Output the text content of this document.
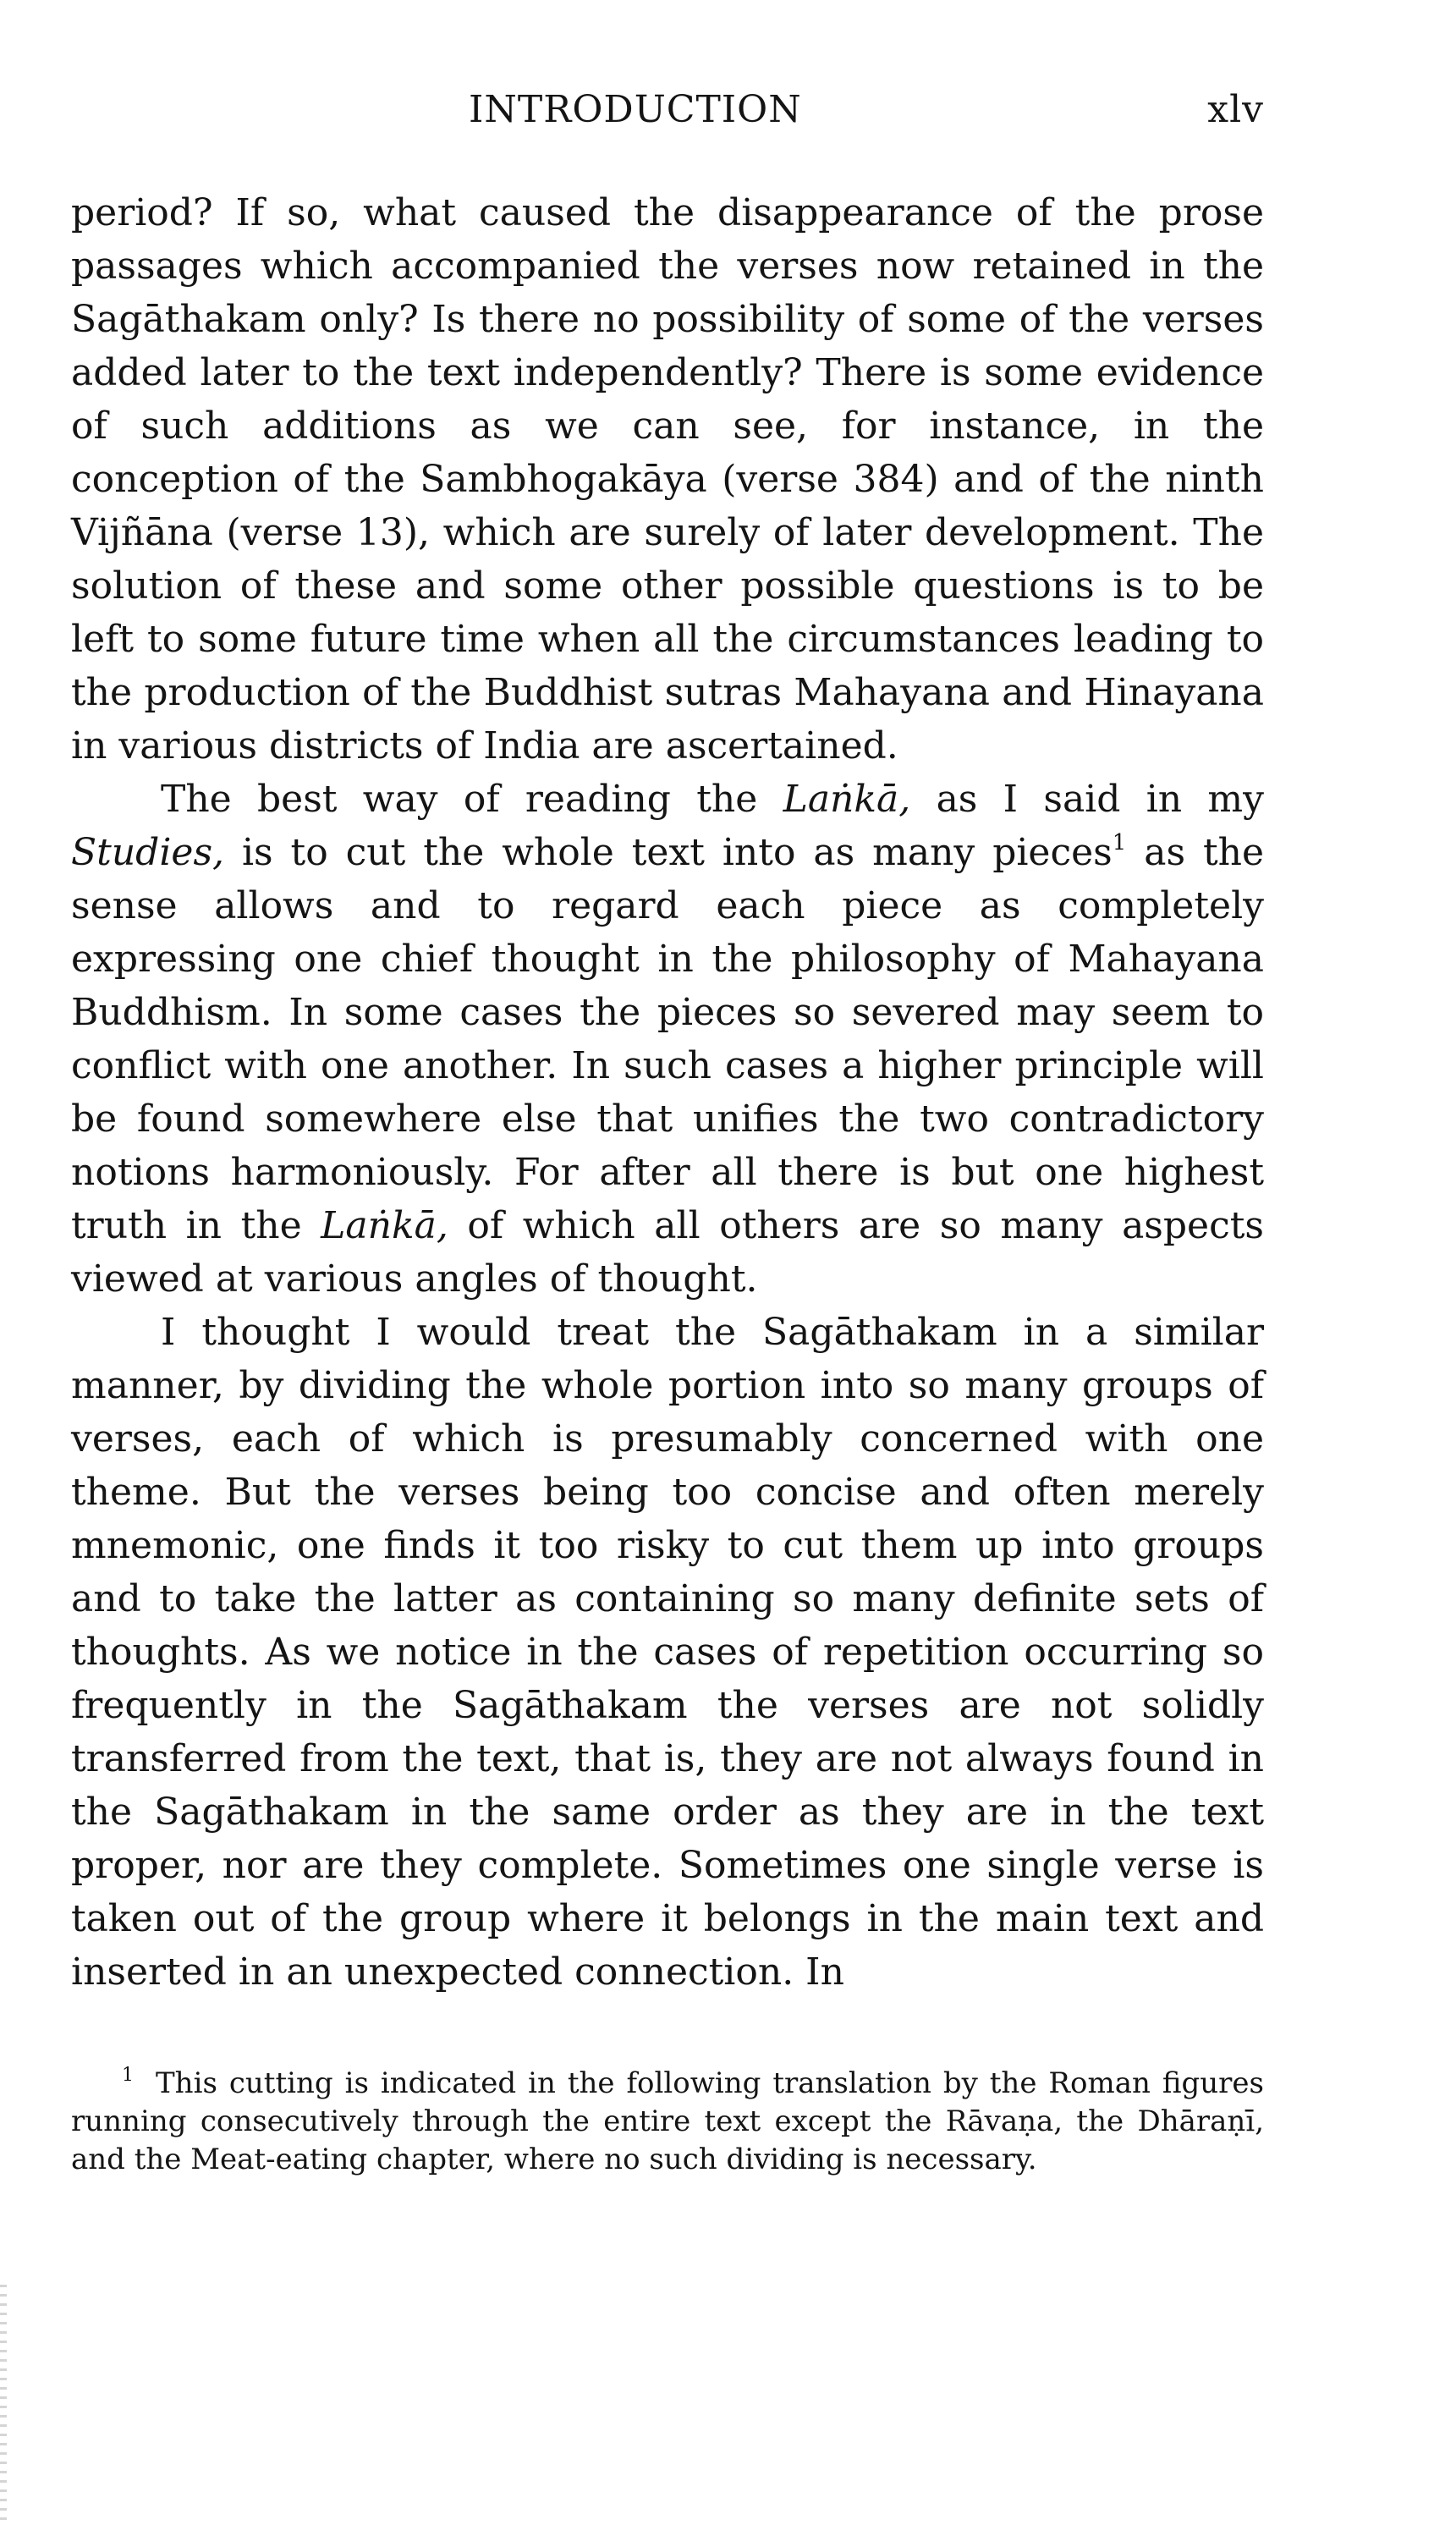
INTRODUCTION	xlv

period? If so, what caused the disappearance of the prose passages which accompanied the verses now retained in the Sagāthakam only? Is there no possibility of some of the verses added later to the text independently? There is some evidence of such additions as we can see, for instance, in the conception of the Sambhogakāya (verse 384) and of the ninth Vijñāna (verse 13), which are surely of later development. The solution of these and some other possible questions is to be left to some future time when all the circumstances leading to the production of the Buddhist sutras Mahayana and Hinayana in various districts of India are ascertained.

The best way of reading the Laṅkā, as I said in my Studies, is to cut the whole text into as many pieces$^1$ as the sense allows and to regard each piece as completely expressing one chief thought in the philosophy of Mahayana Buddhism. In some cases the pieces so severed may seem to conflict with one another. In such cases a higher principle will be found somewhere else that unifies the two contradictory notions harmoniously. For after all there is but one highest truth in the Laṅkā, of which all others are so many aspects viewed at various angles of thought.

I thought I would treat the Sagāthakam in a similar manner, by dividing the whole portion into so many groups of verses, each of which is presumably concerned with one theme. But the verses being too concise and often merely mnemonic, one finds it too risky to cut them up into groups and to take the latter as containing so many definite sets of thoughts. As we notice in the cases of repetition occurring so frequently in the Sagāthakam the verses are not solidly transferred from the text, that is, they are not always found in the Sagāthakam in the same order as they are in the text proper, nor are they complete. Sometimes one single verse is taken out of the group where it belongs in the main text and inserted in an unexpected connection. In

$^1$ This cutting is indicated in the following translation by the Roman figures running consecutively through the entire text except the Rāvaṇa, the Dhāraṇī, and the Meat-eating chapter, where no such dividing is necessary.
